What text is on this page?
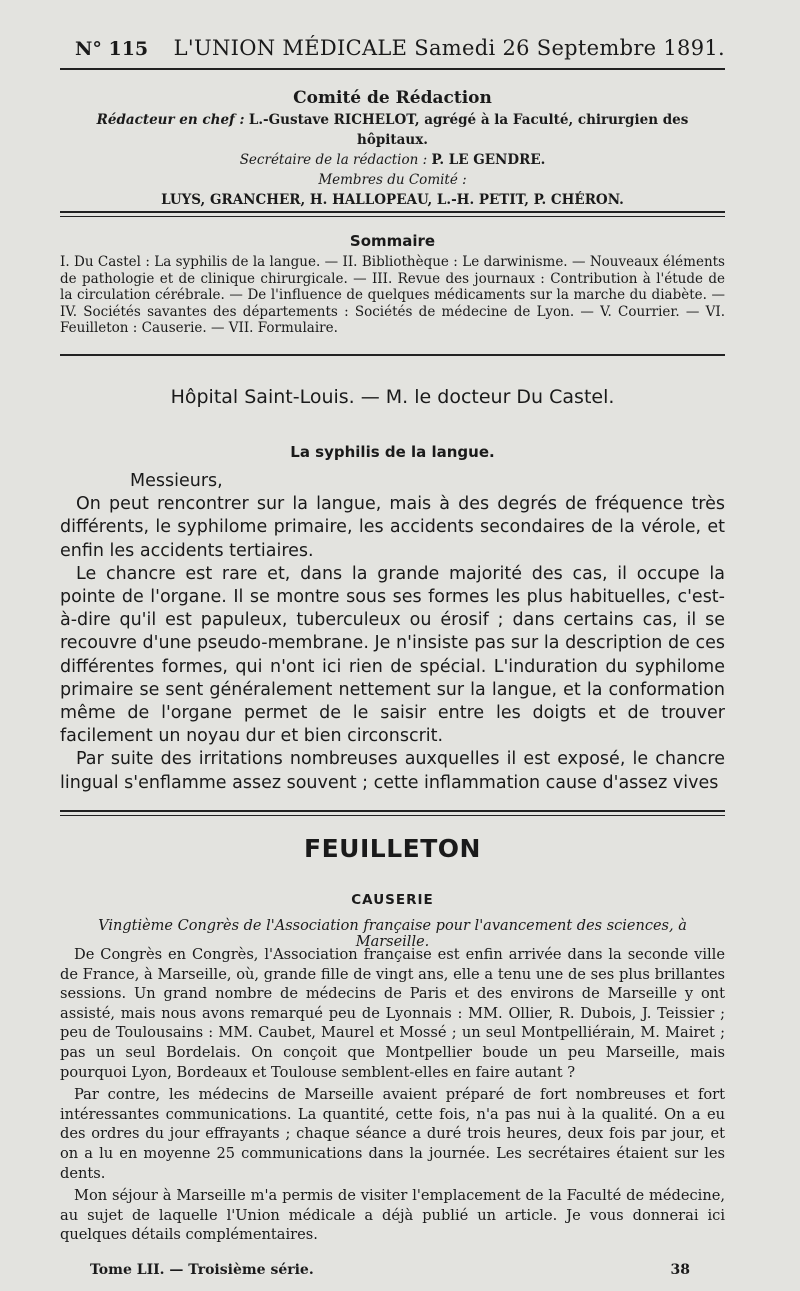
N° 115 L'UNION MÉDICALE Samedi 26 Septembre 1891.
Comité de Rédaction
Rédacteur en chef : L.-Gustave RICHELOT, agrégé à la Faculté, chirurgien des hôpitaux.
Secrétaire de la rédaction : P. LE GENDRE.
Membres du Comité :
LUYS, GRANCHER, H. HALLOPEAU, L.-H. PETIT, P. CHÉRON.
Sommaire
I. Du Castel : La syphilis de la langue. — II. Bibliothèque : Le darwinisme. — Nouveaux éléments de pathologie et de clinique chirurgicale. — III. Revue des journaux : Contribution à l'étude de la circulation cérébrale. — De l'influence de quelques médicaments sur la marche du diabète. — IV. Sociétés savantes des départements : Sociétés de médecine de Lyon. — V. Courrier. — VI. Feuilleton : Causerie. — VII. Formulaire.
Hôpital Saint-Louis. — M. le docteur Du Castel.
La syphilis de la langue.
Messieurs,

On peut rencontrer sur la langue, mais à des degrés de fréquence très différents, le syphilome primaire, les accidents secondaires de la vérole, et enfin les accidents tertiaires.

Le chancre est rare et, dans la grande majorité des cas, il occupe la pointe de l'organe. Il se montre sous ses formes les plus habituelles, c'est-à-dire qu'il est papuleux, tuberculeux ou érosif ; dans certains cas, il se recouvre d'une pseudo-membrane. Je n'insiste pas sur la description de ces différentes formes, qui n'ont ici rien de spécial. L'induration du syphilome primaire se sent généralement nettement sur la langue, et la conformation même de l'organe permet de le saisir entre les doigts et de trouver facilement un noyau dur et bien circonscrit.

Par suite des irritations nombreuses auxquelles il est exposé, le chancre lingual s'enflamme assez souvent ; cette inflammation cause d'assez vives

FEUILLETON
CAUSERIE
Vingtième Congrès de l'Association française pour l'avancement des sciences, à Marseille.

De Congrès en Congrès, l'Association française est enfin arrivée dans la seconde ville de France, à Marseille, où, grande fille de vingt ans, elle a tenu une de ses plus brillantes sessions. Un grand nombre de médecins de Paris et des environs de Marseille y ont assisté, mais nous avons remarqué peu de Lyonnais : MM. Ollier, R. Dubois, J. Teissier ; peu de Toulousains : MM. Caubet, Maurel et Mossé ; un seul Montpelliérain, M. Mairet ; pas un seul Bordelais. On conçoit que Montpellier boude un peu Marseille, mais pourquoi Lyon, Bordeaux et Toulouse semblent-elles en faire autant ?

Par contre, les médecins de Marseille avaient préparé de fort nombreuses et fort intéressantes communications. La quantité, cette fois, n'a pas nui à la qualité. On a eu des ordres du jour effrayants ; chaque séance a duré trois heures, deux fois par jour, et on a lu en moyenne 25 communications dans la journée. Les secrétaires étaient sur les dents.

Mon séjour à Marseille m'a permis de visiter l'emplacement de la Faculté de médecine, au sujet de laquelle l'Union médicale a déjà publié un article. Je vous donnerai ici quelques détails complémentaires.

Tome LII. — Troisième série.	38
